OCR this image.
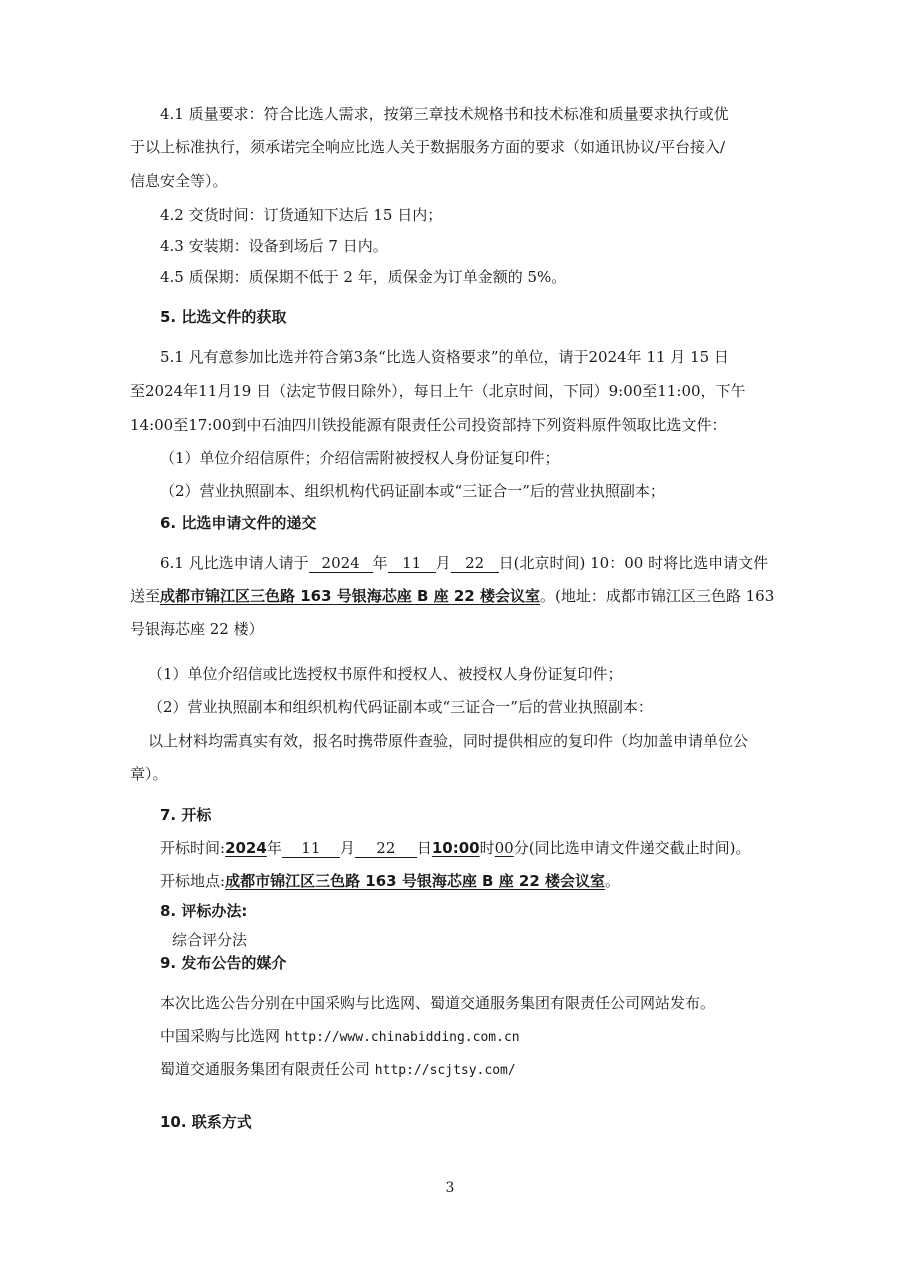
4.1 质量要求：符合比选人需求，按第三章技术规格书和技术标准和质量要求执行或优
于以上标准执行，须承诺完全响应比选人关于数据服务方面的要求（如通讯协议/平台接入/
信息安全等）。
4.2 交货时间：订货通知下达后 15 日内；
4.3 安装期：设备到场后 7 日内。
4.5 质保期：质保期不低于 2 年，质保金为订单金额的 5%。
5. 比选文件的获取
5.1 凡有意参加比选并符合第3条“比选人资格要求”的单位，请于2024年 11 月 15 日
至2024年11月19 日（法定节假日除外），每日上午（北京时间，下同）9:00至11:00，下午
14:00至17:00到中石油四川铁投能源有限责任公司投资部持下列资料原件领取比选文件：
（1）单位介绍信原件；介绍信需附被授权人身份证复印件；
（2）营业执照副本、组织机构代码证副本或“三证合一”后的营业执照副本；
6. 比选申请文件的递交
6.1 凡比选申请人请于 2024 年 11 月 22 日(北京时间) 10：00 时将比选申请文件
送至成都市锦江区三色路 163 号银海芯座 B 座 22 楼会议室。(地址：成都市锦江区三色路 163
号银海芯座 22 楼）
（1）单位介绍信或比选授权书原件和授权人、被授权人身份证复印件；
（2）营业执照副本和组织机构代码证副本或“三证合一”后的营业执照副本：
以上材料均需真实有效，报名时携带原件查验，同时提供相应的复印件（均加盖申请单位公
章）。
7. 开标
开标时间:2024年 11 月 22 日10:00时00分(同比选申请文件递交截止时间)。
开标地点:成都市锦江区三色路 163 号银海芯座 B 座 22 楼会议室。
8. 评标办法:
综合评分法
9. 发布公告的媒介
本次比选公告分别在中国采购与比选网、蜀道交通服务集团有限责任公司网站发布。
中国采购与比选网 http://www.chinabidding.com.cn
蜀道交通服务集团有限责任公司 http://scjtsy.com/
10. 联系方式
3
